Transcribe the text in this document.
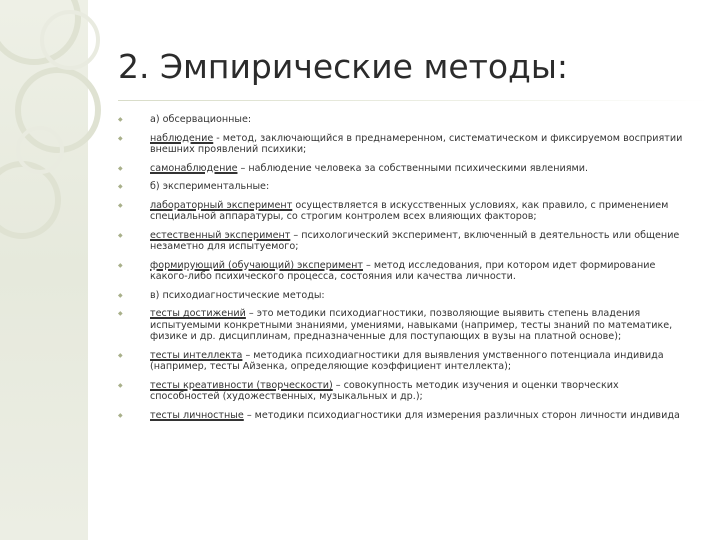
2. Эмпирические методы:
◆	а) обсервационные:
◆	наблюдение - метод, заключающийся в преднамеренном, систематическом и фиксируемом восприятии внешних проявлений психики;
◆	самонаблюдение – наблюдение человека за собственными психическими явлениями.
◆	б) экспериментальные:
◆	лабораторный эксперимент осуществляется в искусственных условиях, как правило, с применением специальной аппаратуры, со строгим контролем всех влияющих факторов;
◆	естественный эксперимент – психологический эксперимент, включенный в деятельность или общение незаметно для испытуемого;
◆	формирующий (обучающий) эксперимент – метод исследования, при котором идет формирование какого-либо психического процесса, состояния или качества личности.
◆	в) психодиагностические методы:
◆	тесты достижений – это методики психодиагностики, позволяющие выявить степень владения испытуемыми конкретными знаниями, умениями, навыками (например, тесты знаний по математике, физике и др. дисциплинам, предназначенные для поступающих в вузы на платной основе);
◆	тесты интеллекта – методика психодиагностики для выявления умственного потенциала индивида (например, тесты Айзенка, определяющие коэффициент интеллекта);
◆	тесты креативности (творческости) – совокупность методик изучения и оценки творческих способностей (художественных, музыкальных и др.);
◆	тесты личностные – методики психодиагностики для измерения различных сторон личности индивида
